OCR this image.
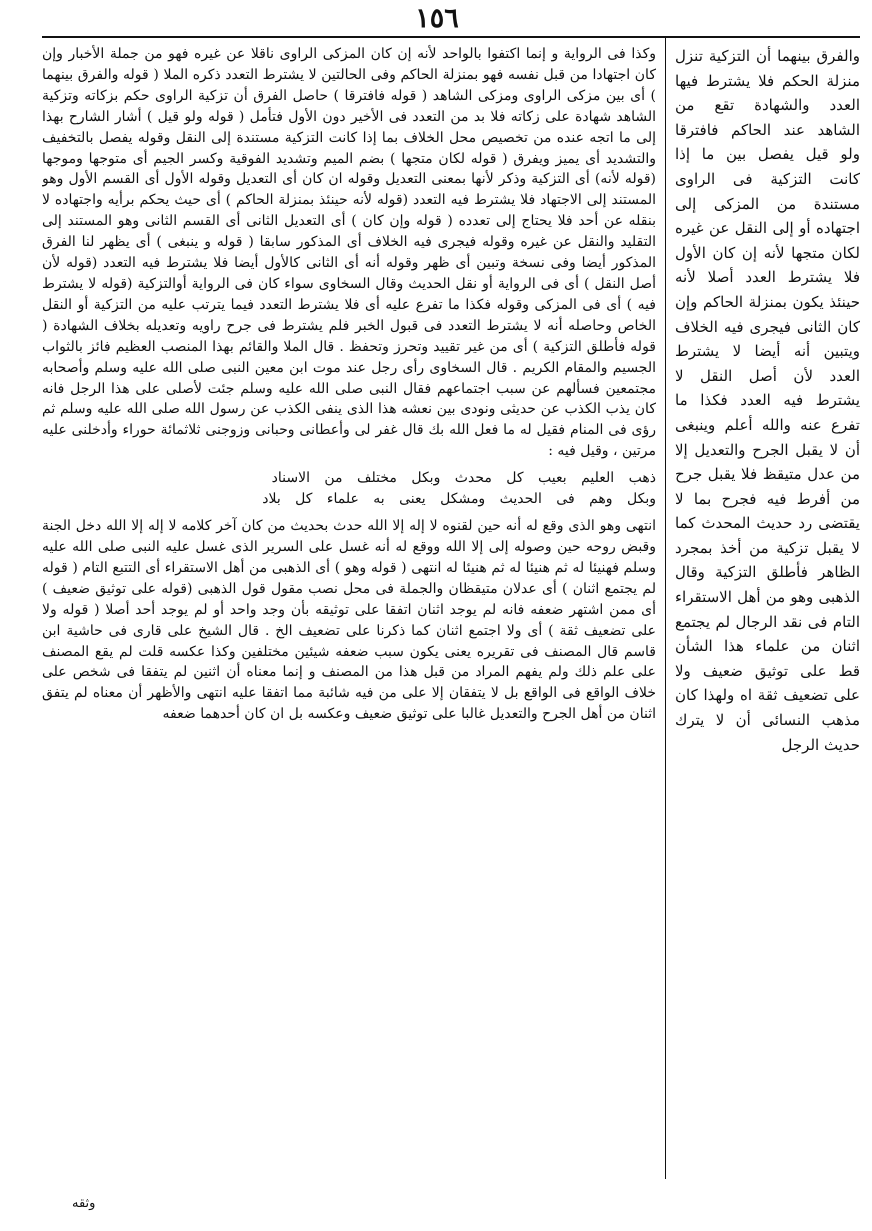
١٥٦

وكذا فى الرواية و إنما اكتفوا بالواحد لأنه إن كان المزكى الراوى ناقلا عن غيره فهو من جملة الأخبار وإن كان اجتهادا من قبل نفسه فهو بمنزلة الحاكم وفى الحالتين لا يشترط التعدد ذكره الملا ( قوله والفرق بينهما ) أى بين مزكى الراوى ومزكى الشاهد ( قوله فافترقا ) حاصل الفرق أن تزكية الراوى حكم بزكاته وتزكية الشاهد شهادة على زكاته فلا بد من التعدد فى الأخير دون الأول فتأمل ( قوله ولو قيل ) أشار الشارح بهذا إلى ما اتجه عنده من تخصيص محل الخلاف بما إذا كانت التزكية مستندة إلى النقل وقوله يفصل بالتخفيف والتشديد أى يميز ويفرق ( قوله لكان متجها ) بضم الميم وتشديد الفوقية وكسر الجيم أى متوجها وموجها (قوله لأنه) أى التزكية وذكر لأنها بمعنى التعديل وقوله ان كان أى التعديل وقوله الأول أى القسم الأول وهو المستند إلى الاجتهاد فلا يشترط فيه التعدد (قوله لأنه حينئذ بمنزلة الحاكم ) أى حيث يحكم برأيه واجتهاده لا بنقله عن أحد فلا يحتاج إلى تعدده ( قوله وإن كان ) أى التعديل الثانى أى القسم الثانى وهو المستند إلى التقليد والنقل عن غيره وقوله فيجرى فيه الخلاف أى المذكور سابقا ( قوله و ينبغى ) أى يظهر لنا الفرق المذكور أيضا وفى نسخة وتبين أى ظهر وقوله أنه أى الثانى كالأول أيضا فلا يشترط فيه التعدد (قوله لأن أصل النقل ) أى فى الرواية أو نقل الحديث وقال السخاوى سواء كان فى الرواية أوالتزكية (قوله لا يشترط فيه ) أى فى المزكى وقوله فكذا ما تفرع عليه أى فلا يشترط التعدد فيما يترتب عليه من التزكية أو النقل الخاص وحاصله أنه لا يشترط التعدد فى قبول الخبر فلم يشترط فى جرح راويه وتعديله بخلاف الشهادة ( قوله فأطلق التزكية ) أى من غير تقييد وتحرز وتحفظ . قال الملا والقائم بهذا المنصب العظيم فائز بالثواب الجسيم والمقام الكريم . قال السخاوى رأى رجل عند موت ابن معين النبى صلى الله عليه وسلم وأصحابه مجتمعين فسألهم عن سبب اجتماعهم فقال النبى صلى الله عليه وسلم جئت لأصلى على هذا الرجل فانه كان يذب الكذب عن حديثى ونودى بين نعشه هذا الذى ينفى الكذب عن رسول الله صلى الله عليه وسلم ثم رؤى فى المنام فقيل له ما فعل الله بك قال غفر لى وأعطانى وحبانى وزوجنى ثلاثمائة حوراء وأدخلنى عليه مرتين ، وقيل فيه :

ذهب العليم بعيب كل محدث وبكل مختلف من الاسناد
وبكل وهم فى الحديث ومشكل يعنى به علماء كل بلاد

انتهى وهو الذى وقع له أنه حين لقنوه لا إله إلا الله حدث بحديث من كان آخر كلامه لا إله إلا الله دخل الجنة وقبض روحه حين وصوله إلى إلا الله ووقع له أنه غسل على السرير الذى غسل عليه النبى صلى الله عليه وسلم فهنيئا له ثم هنيئا له ثم هنيئا له انتهى ( قوله وهو ) أى الذهبى من أهل الاستقراء أى التتبع التام ( قوله لم يجتمع اثنان ) أى عدلان متيقظان والجملة فى محل نصب مقول قول الذهبى (قوله على توثيق ضعيف ) أى ممن اشتهر ضعفه فانه لم يوجد اثنان اتفقا على توثيقه بأن وجد واحد أو لم يوجد أحد أصلا ( قوله ولا على تضعيف ثقة ) أى ولا اجتمع اثنان كما ذكرنا على تضعيف الخ . قال الشيخ على قارى فى حاشية ابن قاسم قال المصنف فى تقريره يعنى يكون سبب ضعفه شيئين مختلفين وكذا عكسه قلت لم يقع المصنف على علم ذلك ولم يفهم المراد من قبل هذا من المصنف و إنما معناه أن اثنين لم يتفقا فى شخص على خلاف الواقع فى الواقع بل لا يتفقان إلا على من فيه شائبة مما اتفقا عليه انتهى والأظهر أن معناه لم يتفق اثنان من أهل الجرح والتعديل غالبا على توثيق ضعيف وعكسه بل ان كان أحدهما ضعفه

والفرق بينهما أن التزكية تنزل منزلة الحكم فلا يشترط فيها العدد والشهادة تقع من الشاهد عند الحاكم فافترقا ولو قيل يفصل بين ما إذا كانت التزكية فى الراوى مستندة من المزكى إلى اجتهاده أو إلى النقل عن غيره لكان متجها لأنه إن كان الأول فلا يشترط العدد أصلا لأنه حينئذ يكون بمنزلة الحاكم وإن كان الثانى فيجرى فيه الخلاف ويتبين أنه أيضا لا يشترط العدد لأن أصل النقل لا يشترط فيه العدد فكذا ما تفرع عنه والله أعلم وينبغى أن لا يقبل الجرح والتعديل إلا من عدل متيقظ فلا يقبل جرح من أفرط فيه فجرح بما لا يقتضى رد حديث المحدث كما لا يقبل تزكية من أخذ بمجرد الظاهر فأطلق التزكية وقال الذهبى وهو من أهل الاستقراء التام فى نقد الرجال لم يجتمع اثنان من علماء هذا الشأن قط على توثيق ضعيف ولا على تضعيف ثقة اه ولهذا كان مذهب النسائى أن لا يترك حديث الرجل

وثقه
